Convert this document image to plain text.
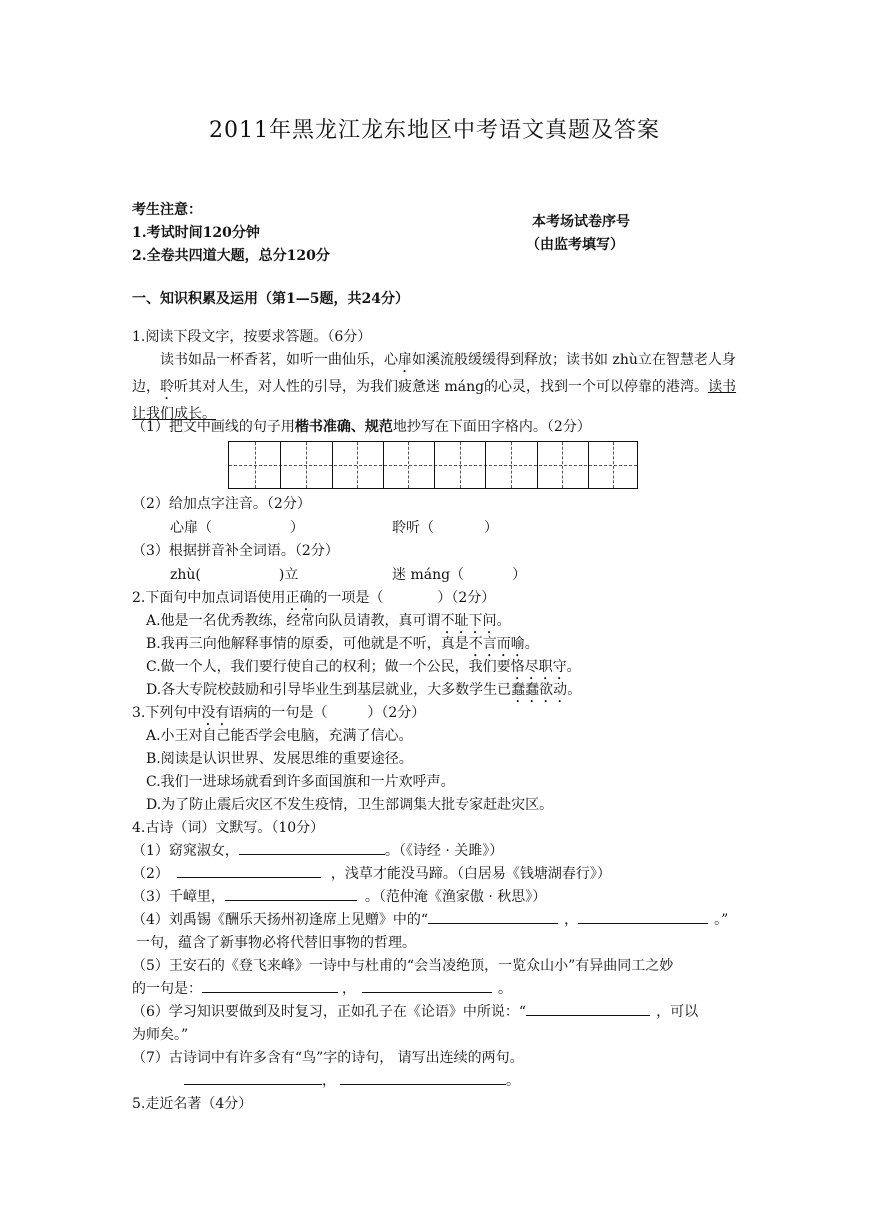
2011年黑龙江龙东地区中考语文真题及答案
考生注意：
1.考试时间120分钟
2.全卷共四道大题，总分120分
本考场试卷序号
（由监考填写）
一、知识积累及运用（第1—5题，共24分）
1.阅读下段文字，按要求答题。（6分）
读书如品一杯香茗，如听一曲仙乐，心扉如溪流般缓缓得到释放；读书如 zhù立在智慧老人身边，聆听其对人生，对人性的引导，为我们疲惫迷 máng的心灵，找到一个可以停靠的港湾。读书让我们成长。
（1）把文中画线的句子用楷书准确、规范地抄写在下面田字格内。（2分）
（2）给加点字注音。（2分）
心扉（	）	聆听（	）
（3）根据拼音补全词语。（2分）
zhù(	)立	迷 máng（	）
2.下面句中加点词语使用正确的一项是（	）（2分）
A.他是一名优秀教练，经常向队员请教，真可谓不耻下问。
B.我再三向他解释事情的原委，可他就是不听，真是不言而喻。
C.做一个人，我们要行使自己的权利；做一个公民，我们要恪尽职守。
D.各大专院校鼓励和引导毕业生到基层就业，大多数学生已蠢蠢欲动。
3.下列句中没有语病的一句是（	）（2分）
A.小王对自己能否学会电脑，充满了信心。
B.阅读是认识世界、发展思维的重要途径。
C.我们一进球场就看到许多面国旗和一片欢呼声。
D.为了防止震后灾区不发生疫情，卫生部调集大批专家赶赴灾区。
4.古诗（词）文默写。（10分）
（1）窈窕淑女，	。（《诗经 · 关雎》）
（2）	，浅草才能没马蹄。（白居易《钱塘湖春行》）
（3）千嶂里，	。（范仲淹《渔家傲 · 秋思》）
（4）刘禹锡《酬乐天扬州初逢席上见赠》中的“	，	。”
一句，蕴含了新事物必将代替旧事物的哲理。
（5）王安石的《登飞来峰》一诗中与杜甫的“会当凌绝顶，一览众山小”有异曲同工之妙
的一句是：	，	。
（6）学习知识要做到及时复习，正如孔子在《论语》中所说：“	，可以
为师矣。”
（7）古诗词中有许多含有“鸟”字的诗句， 请写出连续的两句。
，	。
5.走近名著（4分）
